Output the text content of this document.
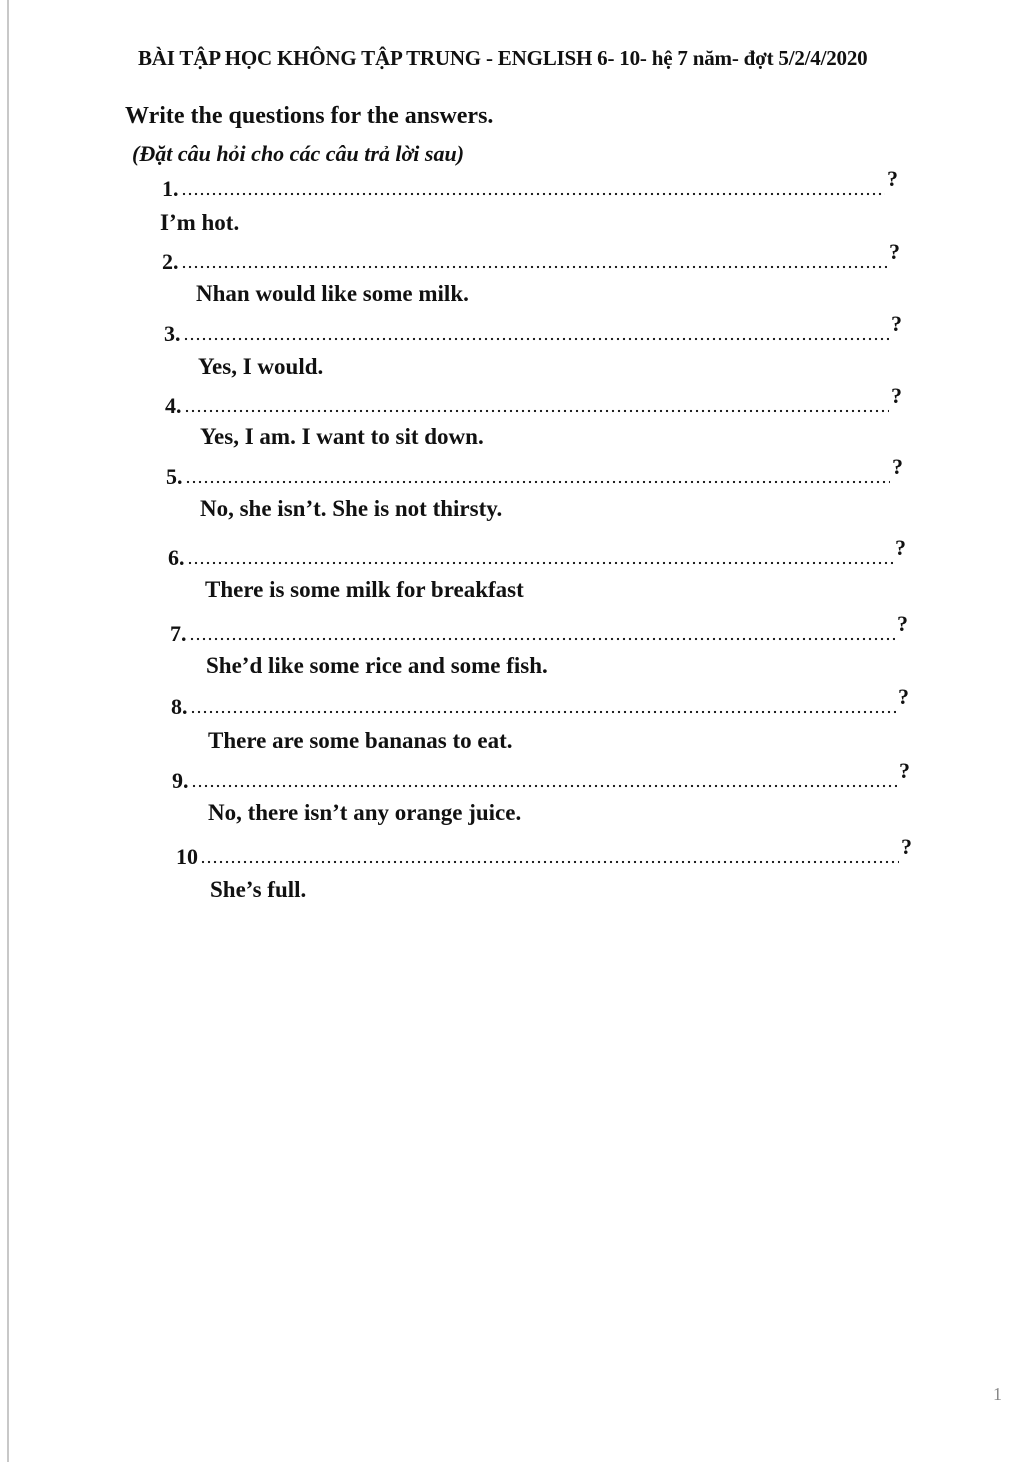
BÀI TẬP HỌC KHÔNG TẬP TRUNG - ENGLISH 6- 10- hệ 7 năm- đợt 5/2/4/2020
Write the questions for the answers.
(Đặt câu hỏi cho các câu trả lời sau)
1.	?
I’m hot.
2.	?
Nhan would like some milk.
3.	?
Yes, I would.
4.	?
Yes, I am. I want to sit down.
5.	?
No, she isn’t. She is not thirsty.
6.	?
There is some milk for breakfast
7.	?
She’d like some rice and some fish.
8.	?
There are some bananas to eat.
9.	?
No, there isn’t any orange juice.
10	?
She’s full.
1
